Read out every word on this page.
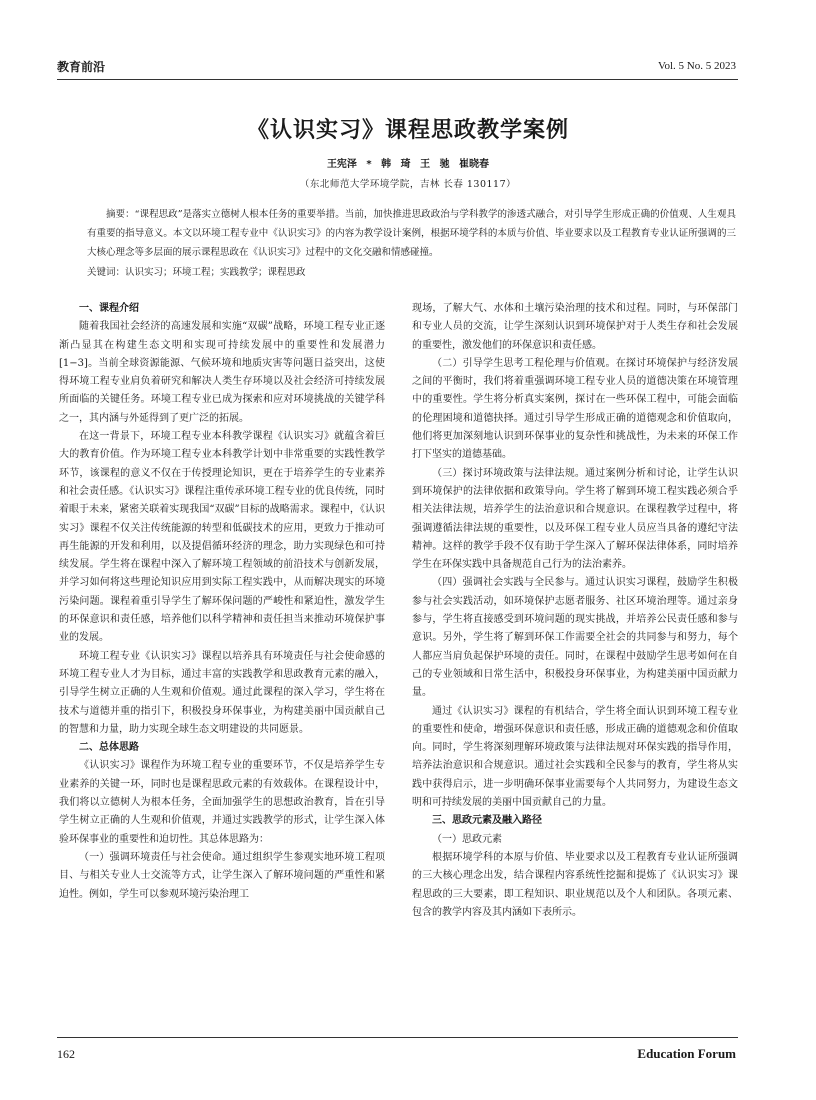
教育前沿	Vol. 5 No. 5 2023
《认识实习》课程思政教学案例
王宪泽 * 韩 琦 王 驰 崔晓春
（东北师范大学环境学院，吉林 长春 130117）
摘要：“课程思政”是落实立德树人根本任务的重要举措。当前，加快推进思政政治与学科教学的渗透式融合，对引导学生形成正确的价值观、人生观具有重要的指导意义。本文以环境工程专业中《认识实习》的内容为教学设计案例，根据环境学科的本质与价值、毕业要求以及工程教育专业认证所强调的三大核心理念等多层面的展示课程思政在《认识实习》过程中的文化交融和情感碰撞。
关键词：认识实习；环境工程；实践教学；课程思政
一、课程介绍

随着我国社会经济的高速发展和实施“双碳”战略，环境工程专业正逐渐凸显其在构建生态文明和实现可持续发展中的重要性和发展潜力[1−3]。当前全球资源能源、气候环境和地质灾害等问题日益突出，这使得环境工程专业肩负着研究和解决人类生存环境以及社会经济可持续发展所面临的关键任务。环境工程专业已成为探索和应对环境挑战的关键学科之一，其内涵与外延得到了更广泛的拓展。

在这一背景下，环境工程专业本科教学课程《认识实习》就蕴含着巨大的教育价值。作为环境工程专业本科教学计划中非常重要的实践性教学环节，该课程的意义不仅在于传授理论知识，更在于培养学生的专业素养和社会责任感。《认识实习》课程注重传承环境工程专业的优良传统，同时着眼于未来，紧密关联着实现我国“双碳”目标的战略需求。课程中，《认识实习》课程不仅关注传统能源的转型和低碳技术的应用，更致力于推动可再生能源的开发和利用，以及提倡循环经济的理念，助力实现绿色和可持续发展。学生将在课程中深入了解环境工程领域的前沿技术与创新发展，并学习如何将这些理论知识应用到实际工程实践中，从而解决现实的环境污染问题。课程着重引导学生了解环保问题的严峻性和紧迫性，激发学生的环保意识和责任感，培养他们以科学精神和责任担当来推动环境保护事业的发展。

环境工程专业《认识实习》课程以培养具有环境责任与社会使命感的环境工程专业人才为目标，通过丰富的实践教学和思政教育元素的融入，引导学生树立正确的人生观和价值观。通过此课程的深入学习，学生将在技术与道德并重的指引下，积极投身环保事业，为构建美丽中国贡献自己的智慧和力量，助力实现全球生态文明建设的共同愿景。

二、总体思路

《认识实习》课程作为环境工程专业的重要环节，不仅是培养学生专业素养的关键一环，同时也是课程思政元素的有效载体。在课程设计中，我们将以立德树人为根本任务，全面加强学生的思想政治教育，旨在引导学生树立正确的人生观和价值观，并通过实践教学的形式，让学生深入体验环保事业的重要性和迫切性。其总体思路为：

（一）强调环境责任与社会使命。通过组织学生参观实地环境工程项目、与相关专业人士交流等方式，让学生深入了解环境问题的严重性和紧迫性。例如，学生可以参观环境污染治理工

现场，了解大气、水体和土壤污染治理的技术和过程。同时，与环保部门和专业人员的交流，让学生深刻认识到环境保护对于人类生存和社会发展的重要性，激发他们的环保意识和责任感。

（二）引导学生思考工程伦理与价值观。在探讨环境保护与经济发展之间的平衡时，我们将着重强调环境工程专业人员的道德决策在环境管理中的重要性。学生将分析真实案例，探讨在一些环保工程中，可能会面临的伦理困境和道德抉择。通过引导学生形成正确的道德观念和价值取向，他们将更加深刻地认识到环保事业的复杂性和挑战性，为未来的环保工作打下坚实的道德基础。

（三）探讨环境政策与法律法规。通过案例分析和讨论，让学生认识到环境保护的法律依据和政策导向。学生将了解到环境工程实践必须合乎相关法律法规，培养学生的法治意识和合规意识。在课程教学过程中，将强调遵循法律法规的重要性，以及环保工程专业人员应当具备的遵纪守法精神。这样的教学手段不仅有助于学生深入了解环保法律体系，同时培养学生在环保实践中具备规范自己行为的法治素养。

（四）强调社会实践与全民参与。通过认识实习课程，鼓励学生积极参与社会实践活动，如环境保护志愿者服务、社区环境治理等。通过亲身参与，学生将直接感受到环境问题的现实挑战，并培养公民责任感和参与意识。另外，学生将了解到环保工作需要全社会的共同参与和努力，每个人都应当肩负起保护环境的责任。同时，在课程中鼓励学生思考如何在自己的专业领域和日常生活中，积极投身环保事业，为构建美丽中国贡献力量。

通过《认识实习》课程的有机结合，学生将全面认识到环境工程专业的重要性和使命，增强环保意识和责任感，形成正确的道德观念和价值取向。同时，学生将深刻理解环境政策与法律法规对环保实践的指导作用，培养法治意识和合规意识。通过社会实践和全民参与的教育，学生将从实践中获得启示，进一步明确环保事业需要每个人共同努力，为建设生态文明和可持续发展的美丽中国贡献自己的力量。

三、思政元素及融入路径

（一）思政元素

根据环境学科的本原与价值、毕业要求以及工程教育专业认证所强调的三大核心理念出发，结合课程内容系统性挖掘和提炼了《认识实习》课程思政的三大要素，即工程知识、职业规范以及个人和团队。各项元素、包含的教学内容及其内涵如下表所示。

162	Education Forum
